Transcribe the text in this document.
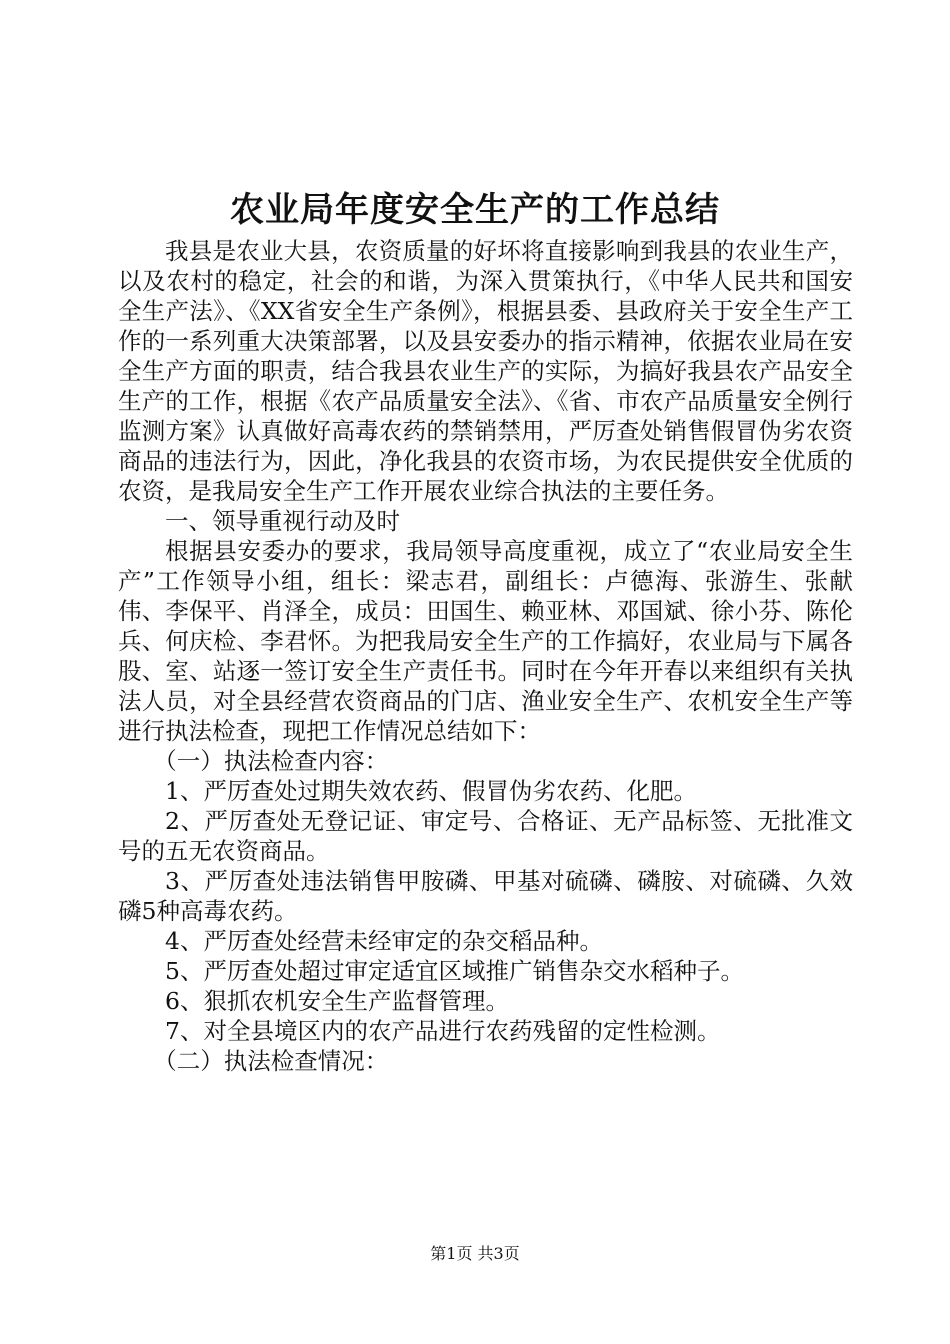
农业局年度安全生产的工作总结

我县是农业大县，农资质量的好坏将直接影响到我县的农业生产，以及农村的稳定，社会的和谐，为深入贯策执行，《中华人民共和国安全生产法》、《XX省安全生产条例》，根据县委、县政府关于安全生产工作的一系列重大决策部署，以及县安委办的指示精神，依据农业局在安全生产方面的职责，结合我县农业生产的实际，为搞好我县农产品安全生产的工作，根据《农产品质量安全法》、《省、市农产品质量安全例行监测方案》认真做好高毒农药的禁销禁用，严厉查处销售假冒伪劣农资商品的违法行为，因此，净化我县的农资市场，为农民提供安全优质的农资，是我局安全生产工作开展农业综合执法的主要任务。

一、领导重视行动及时

根据县安委办的要求，我局领导高度重视，成立了“农业局安全生产”工作领导小组，组长：梁志君，副组长：卢德海、张游生、张献伟、李保平、肖泽全，成员：田国生、赖亚林、邓国斌、徐小芬、陈伦兵、何庆检、李君怀。为把我局安全生产的工作搞好，农业局与下属各股、室、站逐一签订安全生产责任书。同时在今年开春以来组织有关执法人员，对全县经营农资商品的门店、渔业安全生产、农机安全生产等进行执法检查，现把工作情况总结如下：

（一）执法检查内容：

1、严厉查处过期失效农药、假冒伪劣农药、化肥。

2、严厉查处无登记证、审定号、合格证、无产品标签、无批准文号的五无农资商品。

3、严厉查处违法销售甲胺磷、甲基对硫磷、磷胺、对硫磷、久效磷5种高毒农药。

4、严厉查处经营未经审定的杂交稻品种。

5、严厉查处超过审定适宜区域推广销售杂交水稻种子。

6、狠抓农机安全生产监督管理。

7、对全县境区内的农产品进行农药残留的定性检测。

（二）执法检查情况：

第1页 共3页
